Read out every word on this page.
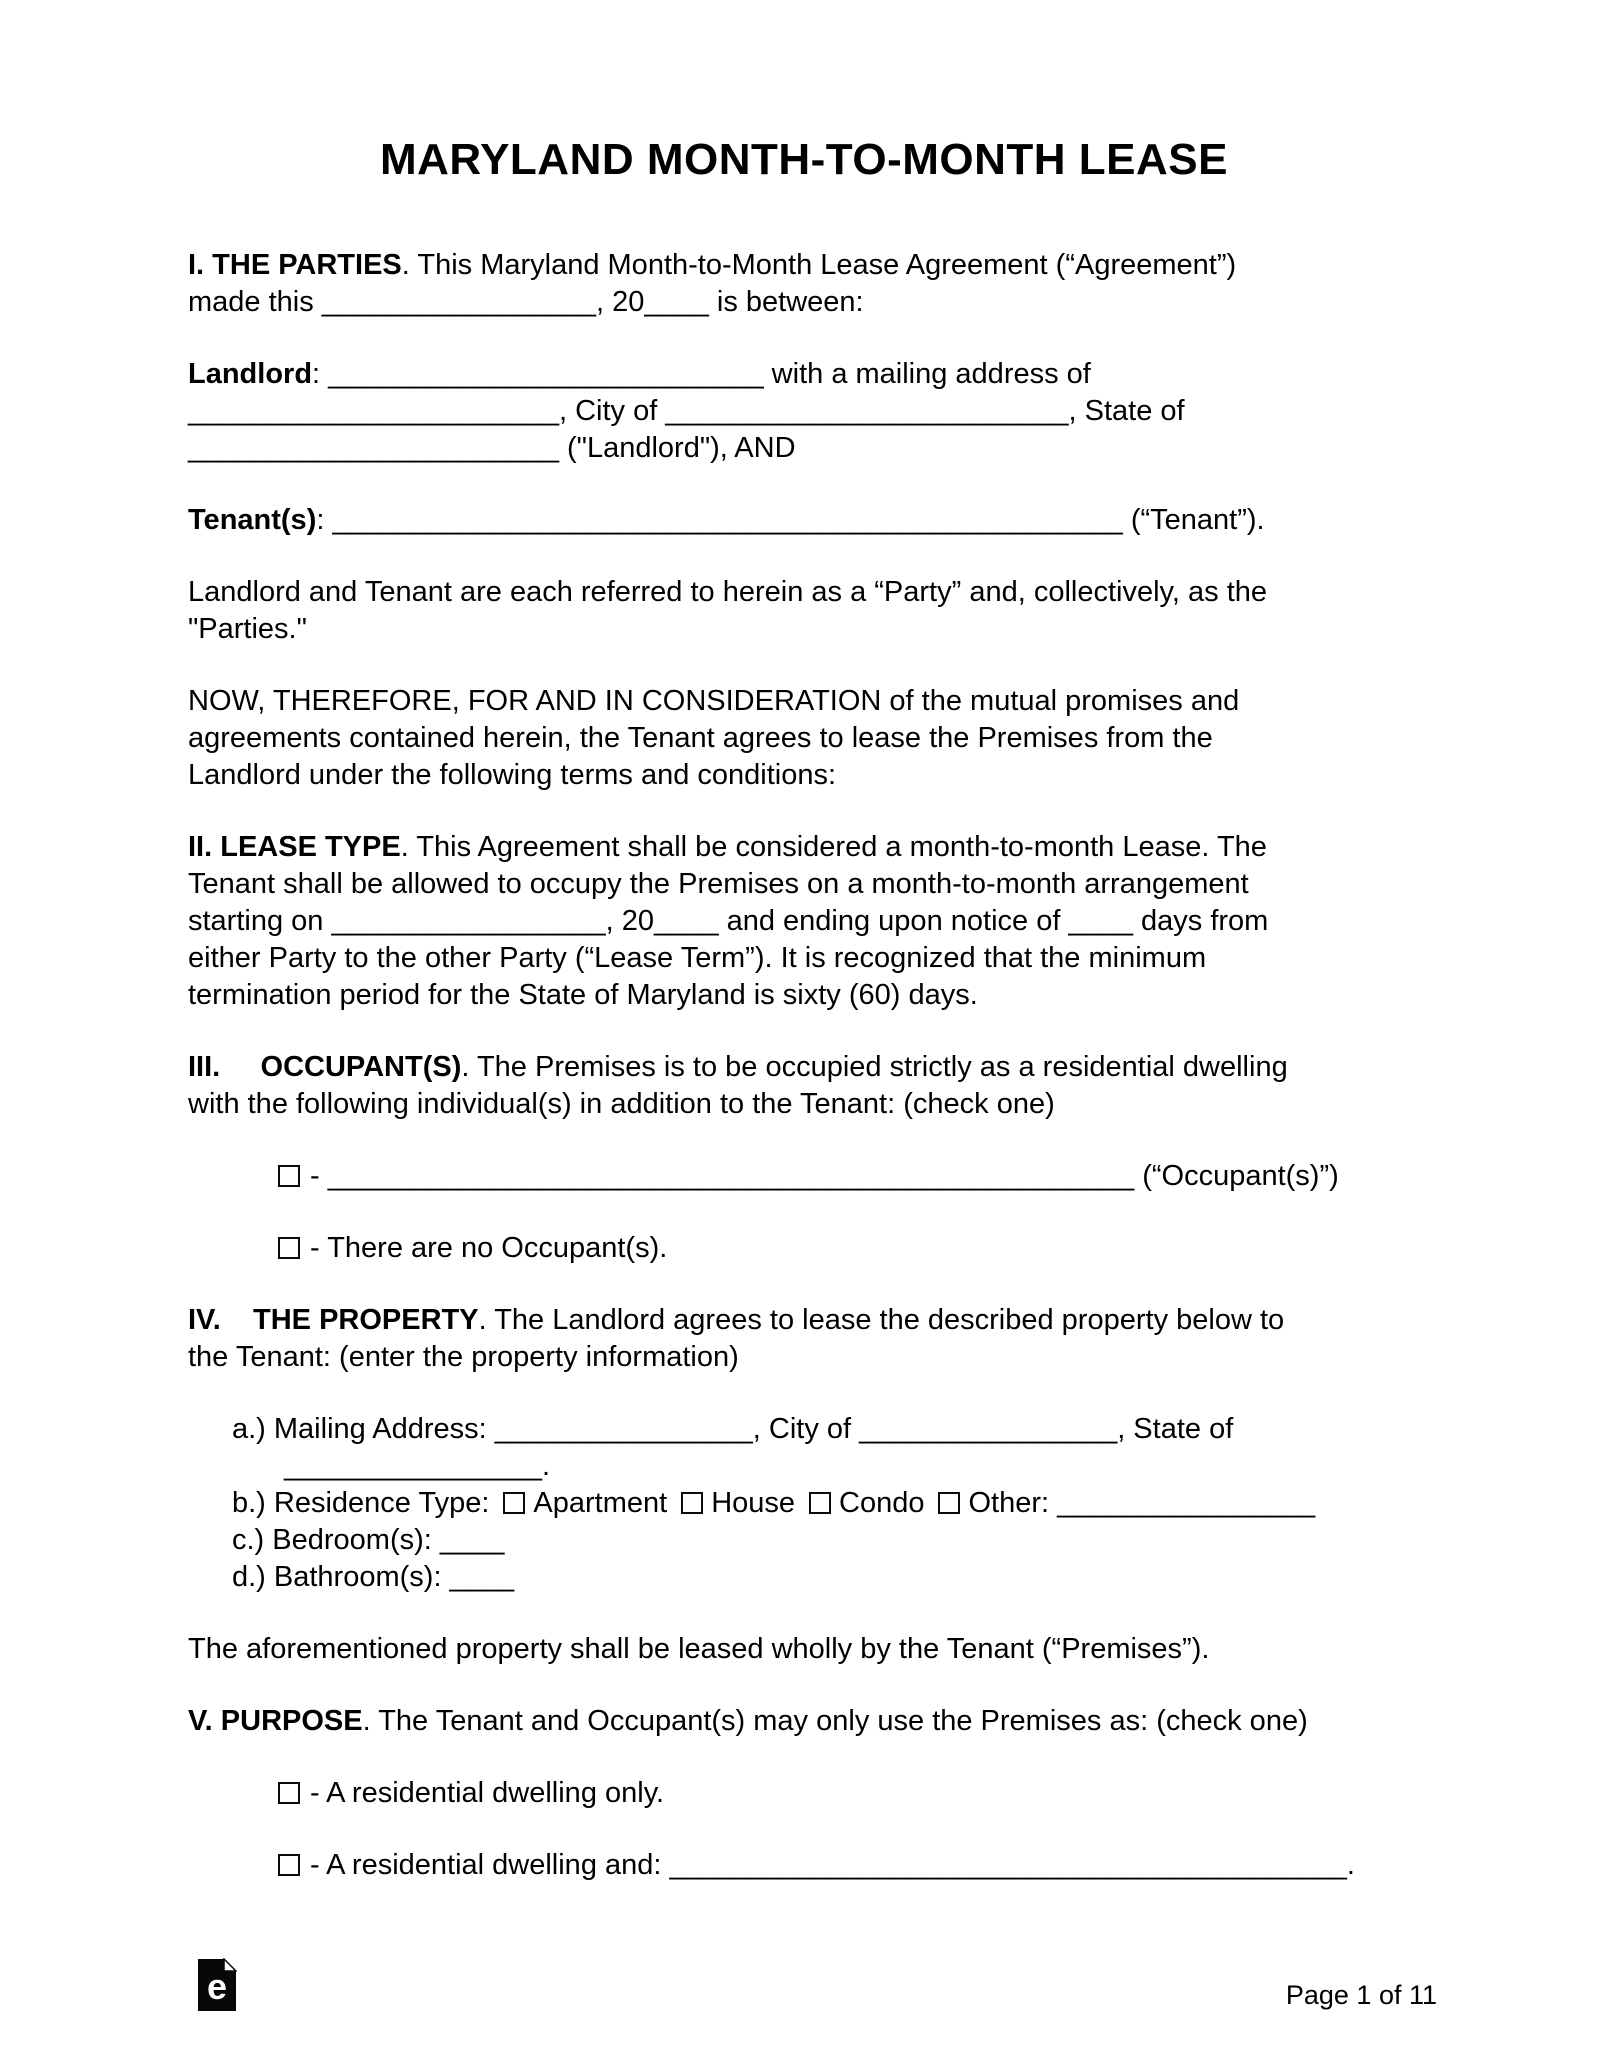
MARYLAND MONTH-TO-MONTH LEASE

I. THE PARTIES. This Maryland Month-to-Month Lease Agreement (“Agreement”)
made this _________________, 20____ is between:

Landlord: ___________________________ with a mailing address of
_______________________, City of _________________________, State of
_______________________ ("Landlord"), AND

Tenant(s): _________________________________________________ (“Tenant”).

Landlord and Tenant are each referred to herein as a “Party” and, collectively, as the
"Parties."

NOW, THEREFORE, FOR AND IN CONSIDERATION of the mutual promises and
agreements contained herein, the Tenant agrees to lease the Premises from the
Landlord under the following terms and conditions:

II. LEASE TYPE. This Agreement shall be considered a month-to-month Lease. The
Tenant shall be allowed to occupy the Premises on a month-to-month arrangement
starting on _________________, 20____ and ending upon notice of ____ days from
either Party to the other Party (“Lease Term”). It is recognized that the minimum
termination period for the State of Maryland is sixty (60) days.

III.     OCCUPANT(S). The Premises is to be occupied strictly as a residential dwelling
with the following individual(s) in addition to the Tenant: (check one)

- __________________________________________________ (“Occupant(s)”)

- There are no Occupant(s).

IV.    THE PROPERTY. The Landlord agrees to lease the described property below to
the Tenant: (enter the property information)

a.) Mailing Address: ________________, City of ________________, State of
________________.
b.) Residence Type: Apartment House Condo Other: ________________
c.) Bedroom(s): ____
d.) Bathroom(s): ____

The aforementioned property shall be leased wholly by the Tenant (“Premises”).

V. PURPOSE. The Tenant and Occupant(s) may only use the Premises as: (check one)

- A residential dwelling only.

- A residential dwelling and: __________________________________________.

e	Page 1 of 11
